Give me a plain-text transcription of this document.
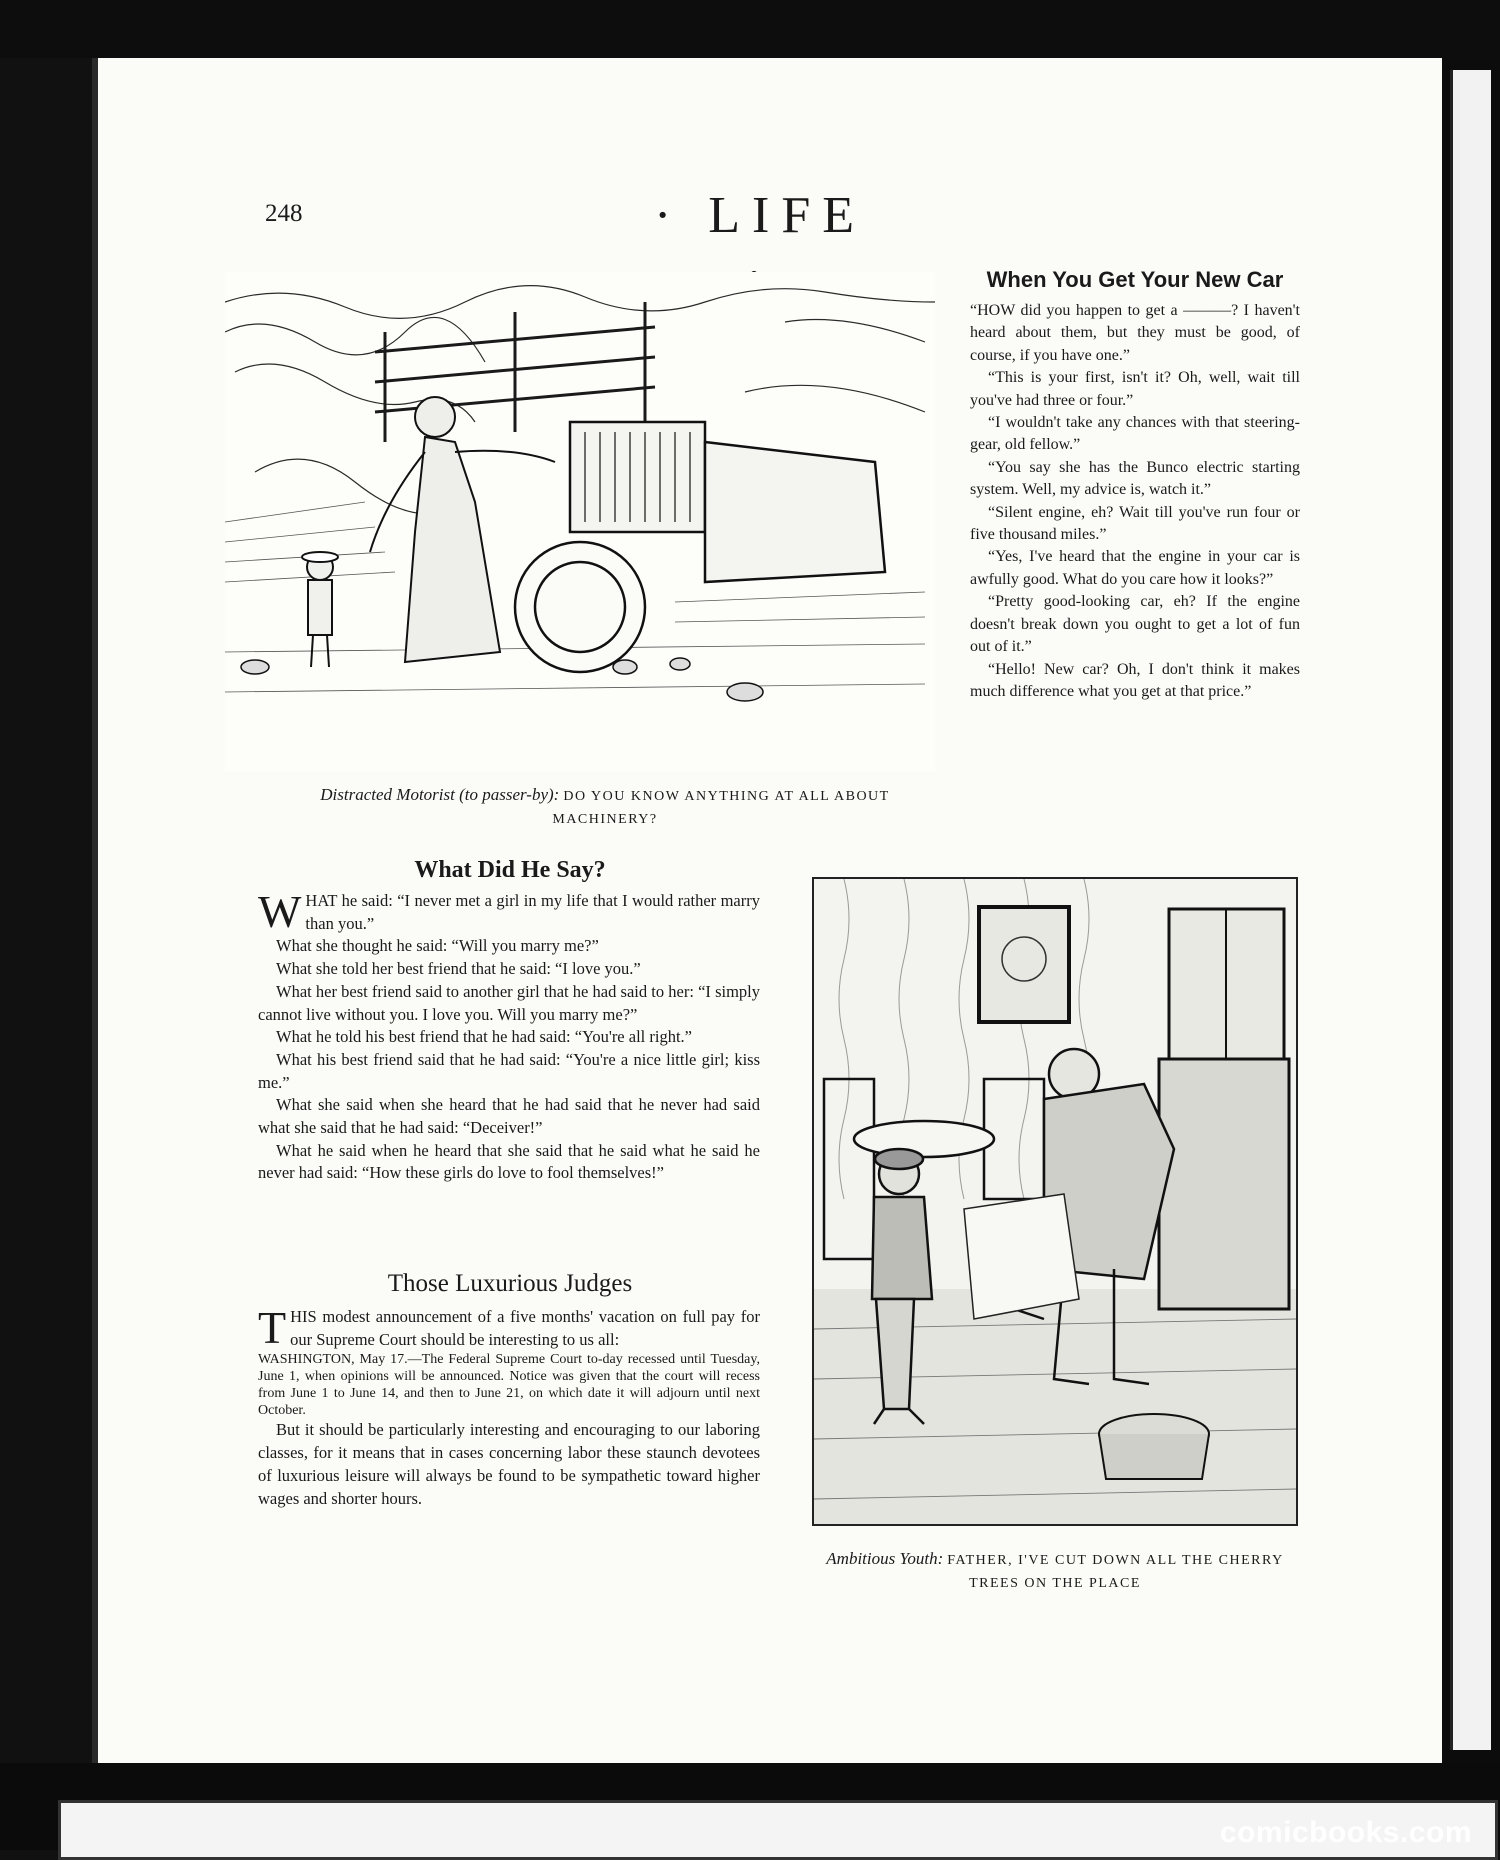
248	· LIFE
Distracted Motorist (to passer-by): DO YOU KNOW ANYTHING AT ALL ABOUT MACHINERY?
When You Get Your New Car

“HOW did you happen to get a ———? I haven't heard about them, but they must be good, of course, if you have one.”

“This is your first, isn't it? Oh, well, wait till you've had three or four.”

“I wouldn't take any chances with that steering-gear, old fellow.”

“You say she has the Bunco electric starting system. Well, my advice is, watch it.”

“Silent engine, eh? Wait till you've run four or five thousand miles.”

“Yes, I've heard that the engine in your car is awfully good. What do you care how it looks?”

“Pretty good-looking car, eh? If the engine doesn't break down you ought to get a lot of fun out of it.”

“Hello! New car? Oh, I don't think it makes much difference what you get at that price.”

What Did He Say?

WHAT he said: “I never met a girl in my life that I would rather marry than you.”

What she thought he said: “Will you marry me?”

What she told her best friend that he said: “I love you.”

What her best friend said to another girl that he had said to her: “I simply cannot live without you. I love you. Will you marry me?”

What he told his best friend that he had said: “You're all right.”

What his best friend said that he had said: “You're a nice little girl; kiss me.”

What she said when she heard that he had said that he never had said what she said that he had said: “Deceiver!”

What he said when he heard that she said that he said what he said he never had said: “How these girls do love to fool themselves!”

Those Luxurious Judges

THIS modest announcement of a five months' vacation on full pay for our Supreme Court should be interesting to us all:

WASHINGTON, May 17.—The Federal Supreme Court to-day recessed until Tuesday, June 1, when opinions will be announced. Notice was given that the court will recess from June 1 to June 14, and then to June 21, on which date it will adjourn until next October.

But it should be particularly interesting and encouraging to our laboring classes, for it means that in cases concerning labor these staunch devotees of luxurious leisure will always be found to be sympathetic toward higher wages and shorter hours.

Ambitious Youth: FATHER, I'VE CUT DOWN ALL THE CHERRY TREES ON THE PLACE
comicbooks.com
